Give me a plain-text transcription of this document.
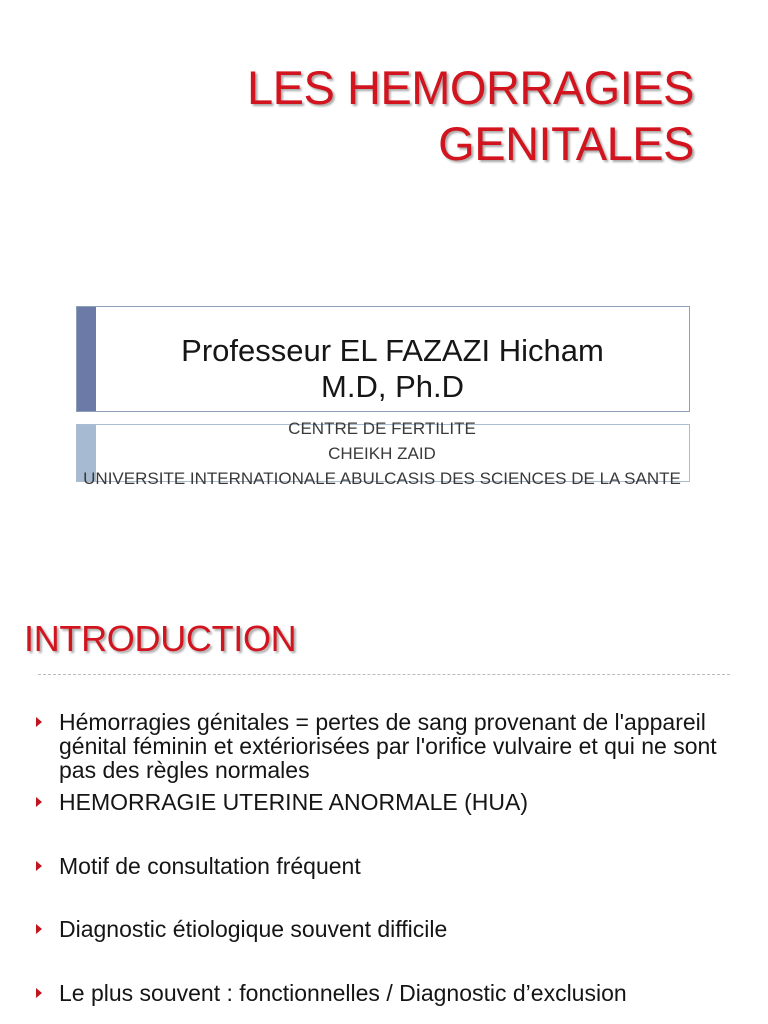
LES HEMORRAGIES
GENITALES
Professeur EL FAZAZI Hicham
M.D, Ph.D
CENTRE DE FERTILITE
CHEIKH ZAID
UNIVERSITE INTERNATIONALE ABULCASIS DES SCIENCES DE LA SANTE
INTRODUCTION
Hémorragies génitales = pertes de sang provenant de l'appareil génital féminin et extériorisées par l'orifice vulvaire et qui ne sont pas des règles normales
HEMORRAGIE UTERINE ANORMALE (HUA)
Motif de consultation fréquent
Diagnostic étiologique souvent difficile
Le plus souvent : fonctionnelles / Diagnostic d’exclusion
